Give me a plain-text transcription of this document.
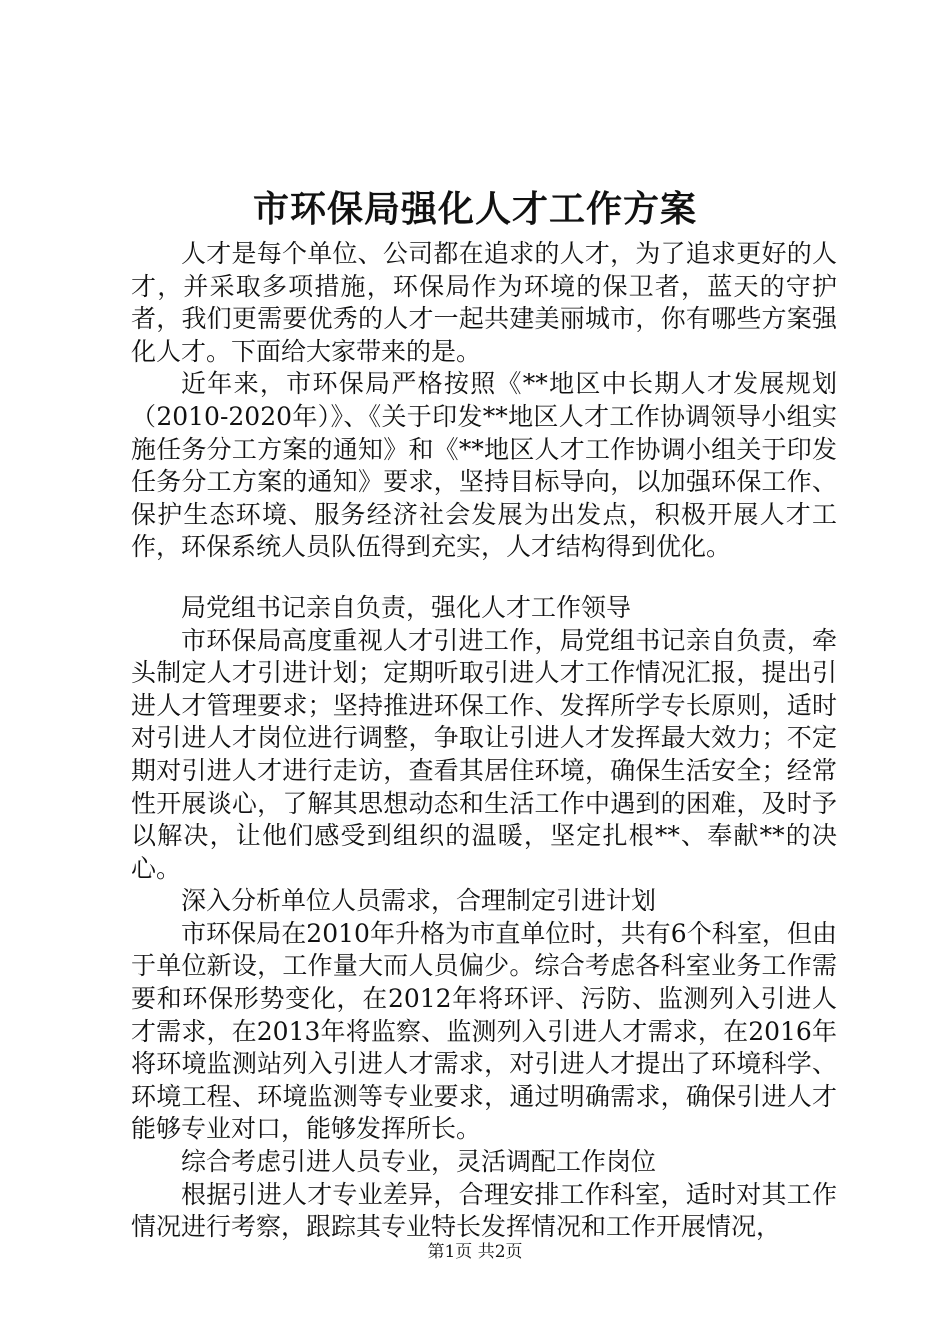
市环保局强化人才工作方案

人才是每个单位、公司都在追求的人才，为了追求更好的人才，并采取多项措施，环保局作为环境的保卫者，蓝天的守护者，我们更需要优秀的人才一起共建美丽城市，你有哪些方案强化人才。下面给大家带来的是。

近年来，市环保局严格按照《**地区中长期人才发展规划（2010-2020年）》、《关于印发**地区人才工作协调领导小组实施任务分工方案的通知》和《**地区人才工作协调小组关于印发任务分工方案的通知》要求，坚持目标导向，以加强环保工作、保护生态环境、服务经济社会发展为出发点，积极开展人才工作，环保系统人员队伍得到充实，人才结构得到优化。

局党组书记亲自负责，强化人才工作领导

市环保局高度重视人才引进工作，局党组书记亲自负责，牵头制定人才引进计划；定期听取引进人才工作情况汇报，提出引进人才管理要求；坚持推进环保工作、发挥所学专长原则，适时对引进人才岗位进行调整，争取让引进人才发挥最大效力；不定期对引进人才进行走访，查看其居住环境，确保生活安全；经常性开展谈心，了解其思想动态和生活工作中遇到的困难，及时予以解决，让他们感受到组织的温暖，坚定扎根**、奉献**的决心。

深入分析单位人员需求，合理制定引进计划

市环保局在2010年升格为市直单位时，共有6个科室，但由于单位新设，工作量大而人员偏少。综合考虑各科室业务工作需要和环保形势变化，在2012年将环评、污防、监测列入引进人才需求，在2013年将监察、监测列入引进人才需求，在2016年将环境监测站列入引进人才需求，对引进人才提出了环境科学、环境工程、环境监测等专业要求，通过明确需求，确保引进人才能够专业对口，能够发挥所长。

综合考虑引进人员专业，灵活调配工作岗位

根据引进人才专业差异，合理安排工作科室，适时对其工作情况进行考察，跟踪其专业特长发挥情况和工作开展情况，

第1页 共2页
